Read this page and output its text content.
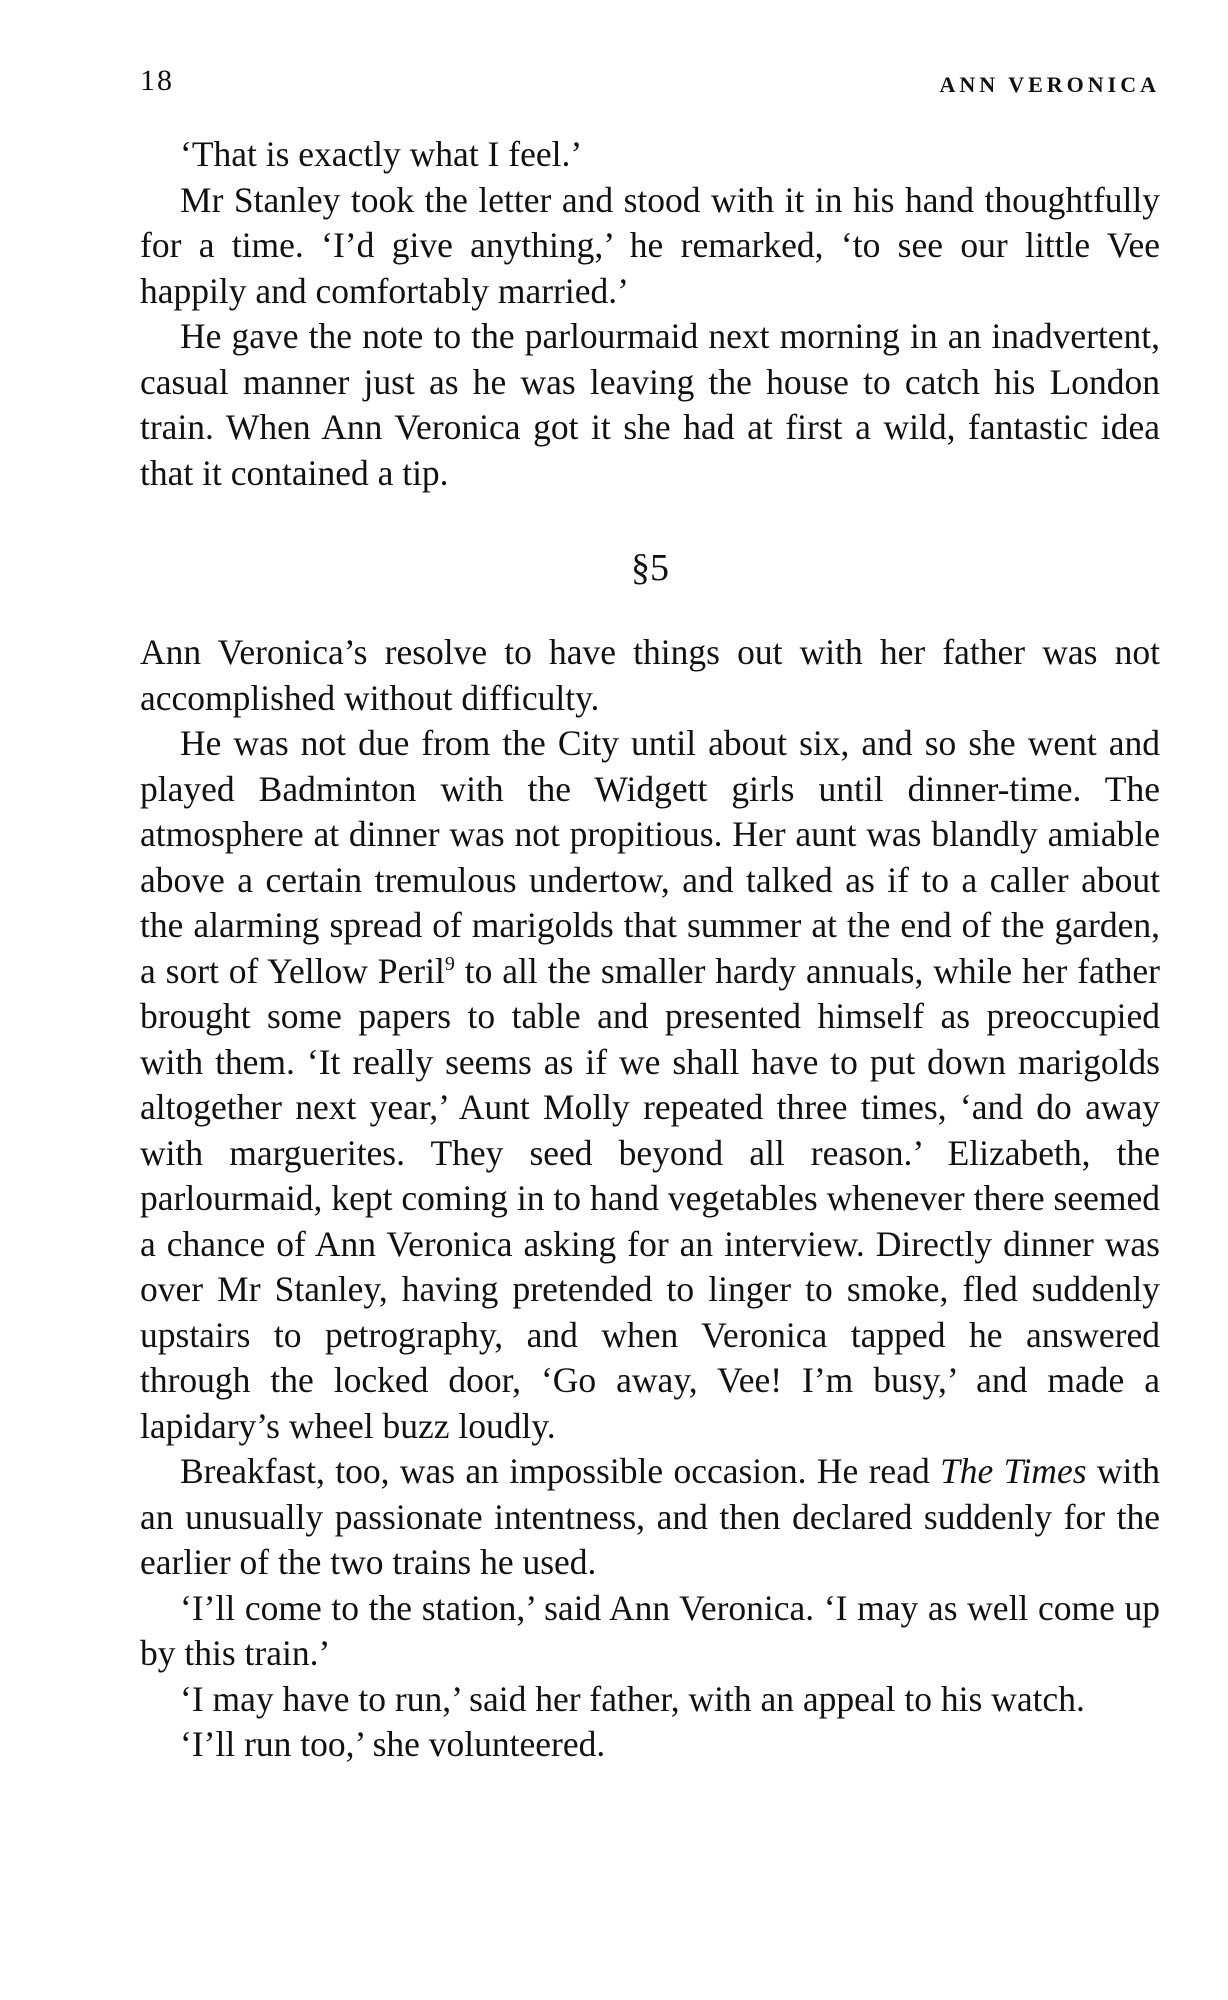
18	ANN VERONICA

‘That is exactly what I feel.’

Mr Stanley took the letter and stood with it in his hand thoughtfully for a time. ‘I’d give anything,’ he remarked, ‘to see our little Vee happily and comfortably married.’

He gave the note to the parlourmaid next morning in an inadvertent, casual manner just as he was leaving the house to catch his London train. When Ann Veronica got it she had at first a wild, fantastic idea that it contained a tip.

§5

Ann Veronica’s resolve to have things out with her father was not accomplished without difficulty.

He was not due from the City until about six, and so she went and played Badminton with the Widgett girls until dinner-time. The atmosphere at dinner was not propitious. Her aunt was blandly amiable above a certain tremulous undertow, and talked as if to a caller about the alarming spread of marigolds that summer at the end of the garden, a sort of Yellow Peril$^9$ to all the smaller hardy annuals, while her father brought some papers to table and presented himself as preoccupied with them. ‘It really seems as if we shall have to put down marigolds altogether next year,’ Aunt Molly repeated three times, ‘and do away with marguerites. They seed beyond all reason.’ Elizabeth, the parlourmaid, kept coming in to hand vegetables whenever there seemed a chance of Ann Veronica asking for an interview. Directly dinner was over Mr Stanley, having pretended to linger to smoke, fled suddenly upstairs to petrography, and when Veronica tapped he answered through the locked door, ‘Go away, Vee! I’m busy,’ and made a lapidary’s wheel buzz loudly.

Breakfast, too, was an impossible occasion. He read The Times with an unusually passionate intentness, and then declared suddenly for the earlier of the two trains he used.

‘I’ll come to the station,’ said Ann Veronica. ‘I may as well come up by this train.’

‘I may have to run,’ said her father, with an appeal to his watch.

‘I’ll run too,’ she volunteered.
